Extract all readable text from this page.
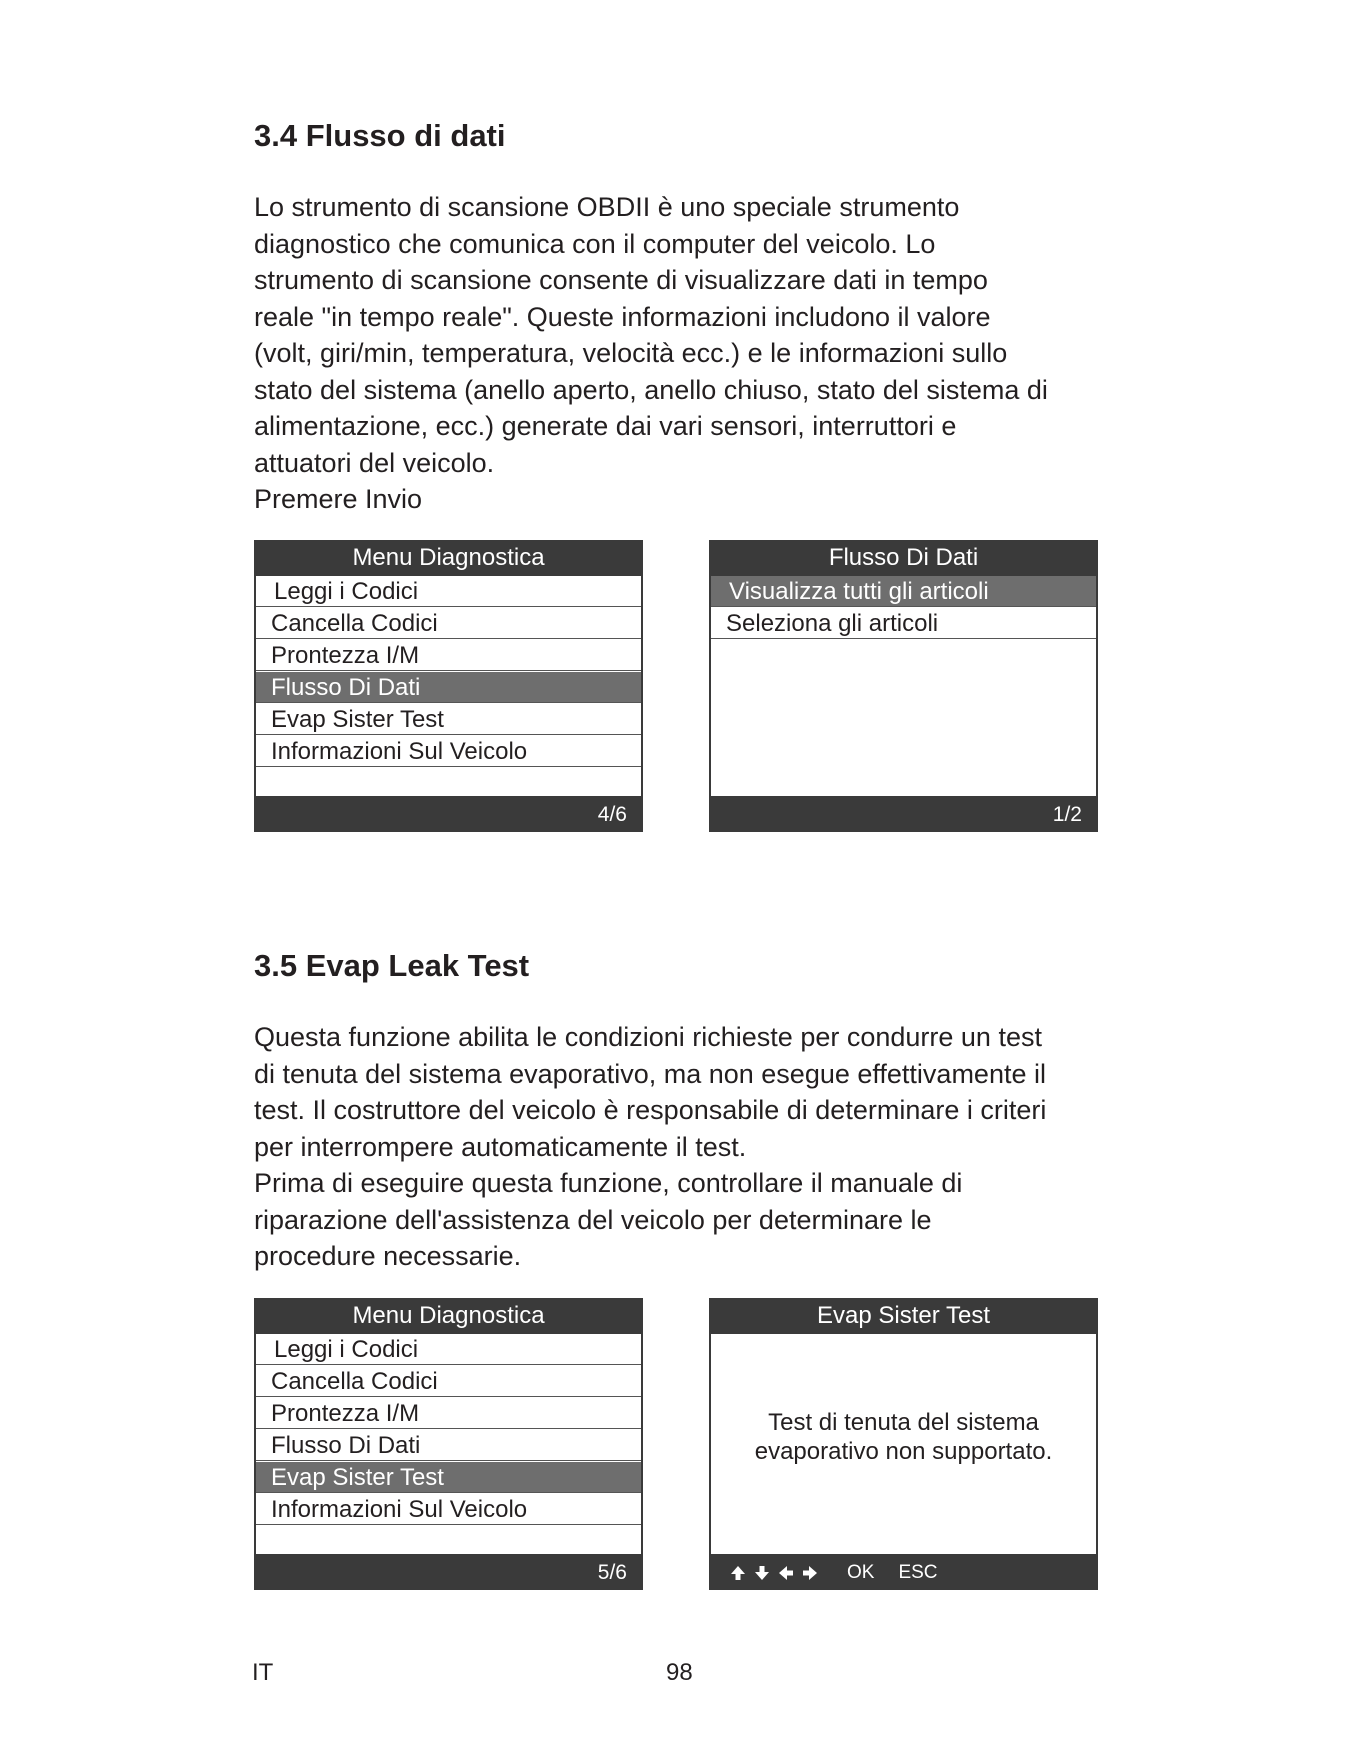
3.4 Flusso di dati
Lo strumento di scansione OBDII è uno speciale strumento
diagnostico che comunica con il computer del veicolo. Lo
strumento di scansione consente di visualizzare dati in tempo
reale "in tempo reale". Queste informazioni includono il valore
(volt, giri/min, temperatura, velocità ecc.) e le informazioni sullo
stato del sistema (anello aperto, anello chiuso, stato del sistema di
alimentazione, ecc.) generate dai vari sensori, interruttori e
attuatori del veicolo.
Premere Invio
Menu Diagnostica
Leggi i Codici
Cancella Codici
Prontezza I/M
Flusso Di Dati
Evap Sister Test
Informazioni Sul Veicolo
4/6
Flusso Di Dati
Visualizza tutti gli articoli
Seleziona gli articoli
1/2
3.5 Evap Leak Test
Questa funzione abilita le condizioni richieste per condurre un test
di tenuta del sistema evaporativo, ma non esegue effettivamente il
test. Il costruttore del veicolo è responsabile di determinare i criteri
per interrompere automaticamente il test.
Prima di eseguire questa funzione, controllare il manuale di
riparazione dell'assistenza del veicolo per determinare le
procedure necessarie.
Menu Diagnostica
Leggi i Codici
Cancella Codici
Prontezza I/M
Flusso Di Dati
Evap Sister Test
Informazioni Sul Veicolo
5/6
Evap Sister Test
Test di tenuta del sistema
evaporativo non supportato.
OK ESC
IT	98
